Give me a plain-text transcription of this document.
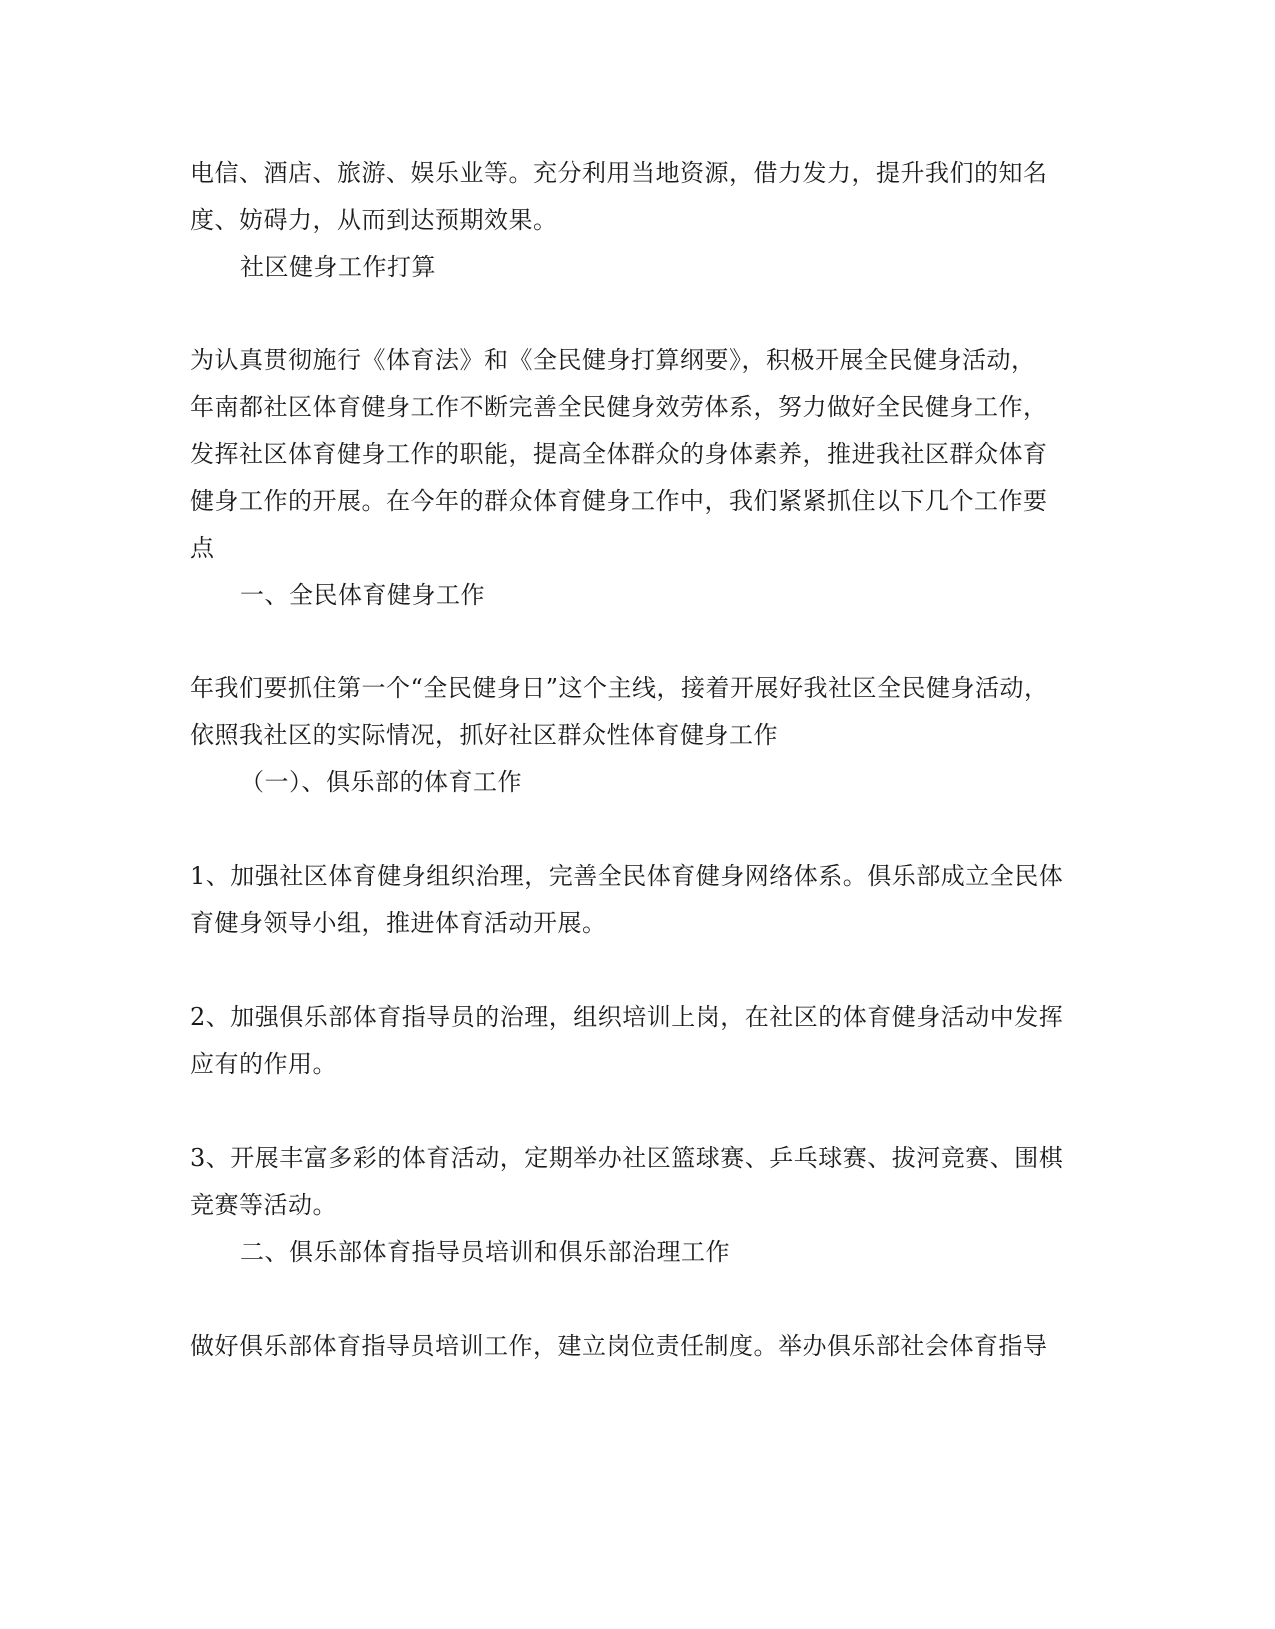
电信、酒店、旅游、娱乐业等。充分利用当地资源，借力发力，提升我们的知名
度、妨碍力，从而到达预期效果。
社区健身工作打算
为认真贯彻施行《体育法》和《全民健身打算纲要》，积极开展全民健身活动，
年南都社区体育健身工作不断完善全民健身效劳体系，努力做好全民健身工作，
发挥社区体育健身工作的职能，提高全体群众的身体素养，推进我社区群众体育
健身工作的开展。在今年的群众体育健身工作中，我们紧紧抓住以下几个工作要
点
一、全民体育健身工作
年我们要抓住第一个“全民健身日”这个主线，接着开展好我社区全民健身活动，
依照我社区的实际情况，抓好社区群众性体育健身工作
（一）、俱乐部的体育工作
1、加强社区体育健身组织治理，完善全民体育健身网络体系。俱乐部成立全民体
育健身领导小组，推进体育活动开展。
2、加强俱乐部体育指导员的治理，组织培训上岗，在社区的体育健身活动中发挥
应有的作用。
3、开展丰富多彩的体育活动，定期举办社区篮球赛、乒乓球赛、拔河竞赛、围棋
竞赛等活动。
二、俱乐部体育指导员培训和俱乐部治理工作
做好俱乐部体育指导员培训工作，建立岗位责任制度。举办俱乐部社会体育指导
